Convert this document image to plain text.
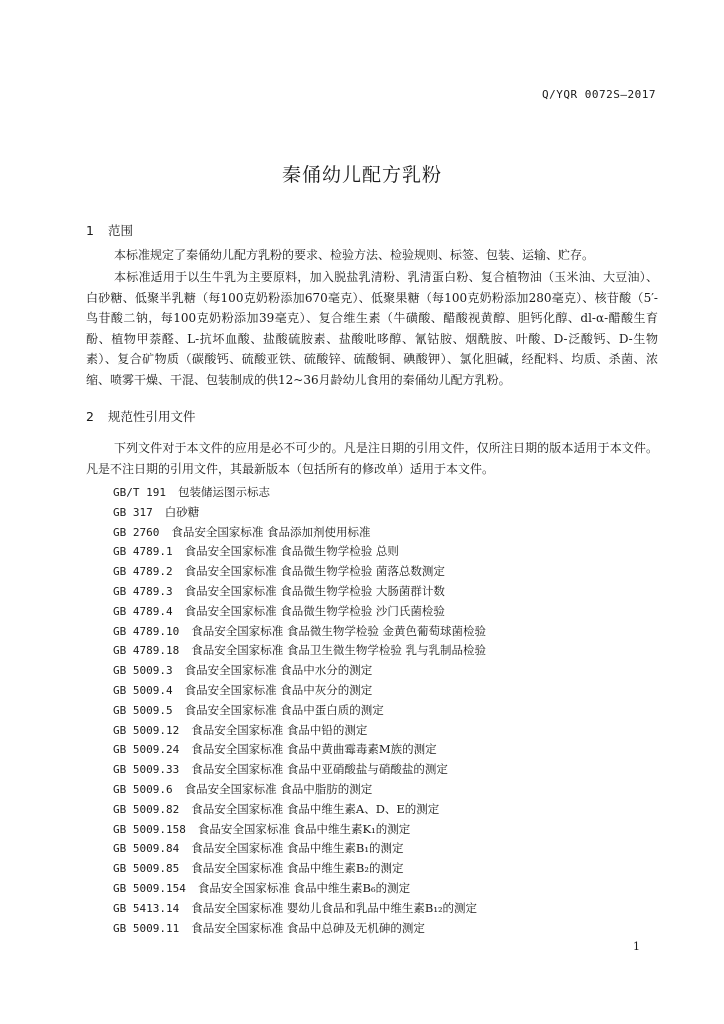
Q/YQR 0072S—2017
秦俑幼儿配方乳粉
1 范围

本标准规定了秦俑幼儿配方乳粉的要求、检验方法、检验规则、标签、包装、运输、贮存。

本标准适用于以生牛乳为主要原料，加入脱盐乳清粉、乳清蛋白粉、复合植物油（玉米油、大豆油）、白砂糖、低聚半乳糖（每100克奶粉添加670毫克）、低聚果糖（每100克奶粉添加280毫克）、核苷酸（5′-鸟苷酸二钠，每100克奶粉添加39毫克）、复合维生素（牛磺酸、醋酸视黄醇、胆钙化醇、dl-α-醋酸生育酚、植物甲萘醛、L-抗坏血酸、盐酸硫胺素、盐酸吡哆醇、氰钴胺、烟酰胺、叶酸、D-泛酸钙、D-生物素）、复合矿物质（碳酸钙、硫酸亚铁、硫酸锌、硫酸铜、碘酸钾）、氯化胆碱，经配料、均质、杀菌、浓缩、喷雾干燥、干混、包装制成的供12~36月龄幼儿食用的秦俑幼儿配方乳粉。

2 规范性引用文件

下列文件对于本文件的应用是必不可少的。凡是注日期的引用文件，仅所注日期的版本适用于本文件。凡是不注日期的引用文件，其最新版本（包括所有的修改单）适用于本文件。

GB/T 191 包装储运图示标志
GB 317 白砂糖
GB 2760 食品安全国家标准 食品添加剂使用标准
GB 4789.1 食品安全国家标准 食品微生物学检验 总则
GB 4789.2 食品安全国家标准 食品微生物学检验 菌落总数测定
GB 4789.3 食品安全国家标准 食品微生物学检验 大肠菌群计数
GB 4789.4 食品安全国家标准 食品微生物学检验 沙门氏菌检验
GB 4789.10 食品安全国家标准 食品微生物学检验 金黄色葡萄球菌检验
GB 4789.18 食品安全国家标准 食品卫生微生物学检验 乳与乳制品检验
GB 5009.3 食品安全国家标准 食品中水分的测定
GB 5009.4 食品安全国家标准 食品中灰分的测定
GB 5009.5 食品安全国家标准 食品中蛋白质的测定
GB 5009.12 食品安全国家标准 食品中铅的测定
GB 5009.24 食品安全国家标准 食品中黄曲霉毒素M族的测定
GB 5009.33 食品安全国家标准 食品中亚硝酸盐与硝酸盐的测定
GB 5009.6 食品安全国家标准 食品中脂肪的测定
GB 5009.82 食品安全国家标准 食品中维生素A、D、E的测定
GB 5009.158 食品安全国家标准 食品中维生素K₁的测定
GB 5009.84 食品安全国家标准 食品中维生素B₁的测定
GB 5009.85 食品安全国家标准 食品中维生素B₂的测定
GB 5009.154 食品安全国家标准 食品中维生素B₆的测定
GB 5413.14 食品安全国家标准 婴幼儿食品和乳品中维生素B₁₂的测定
GB 5009.11 食品安全国家标准 食品中总砷及无机砷的测定
1
